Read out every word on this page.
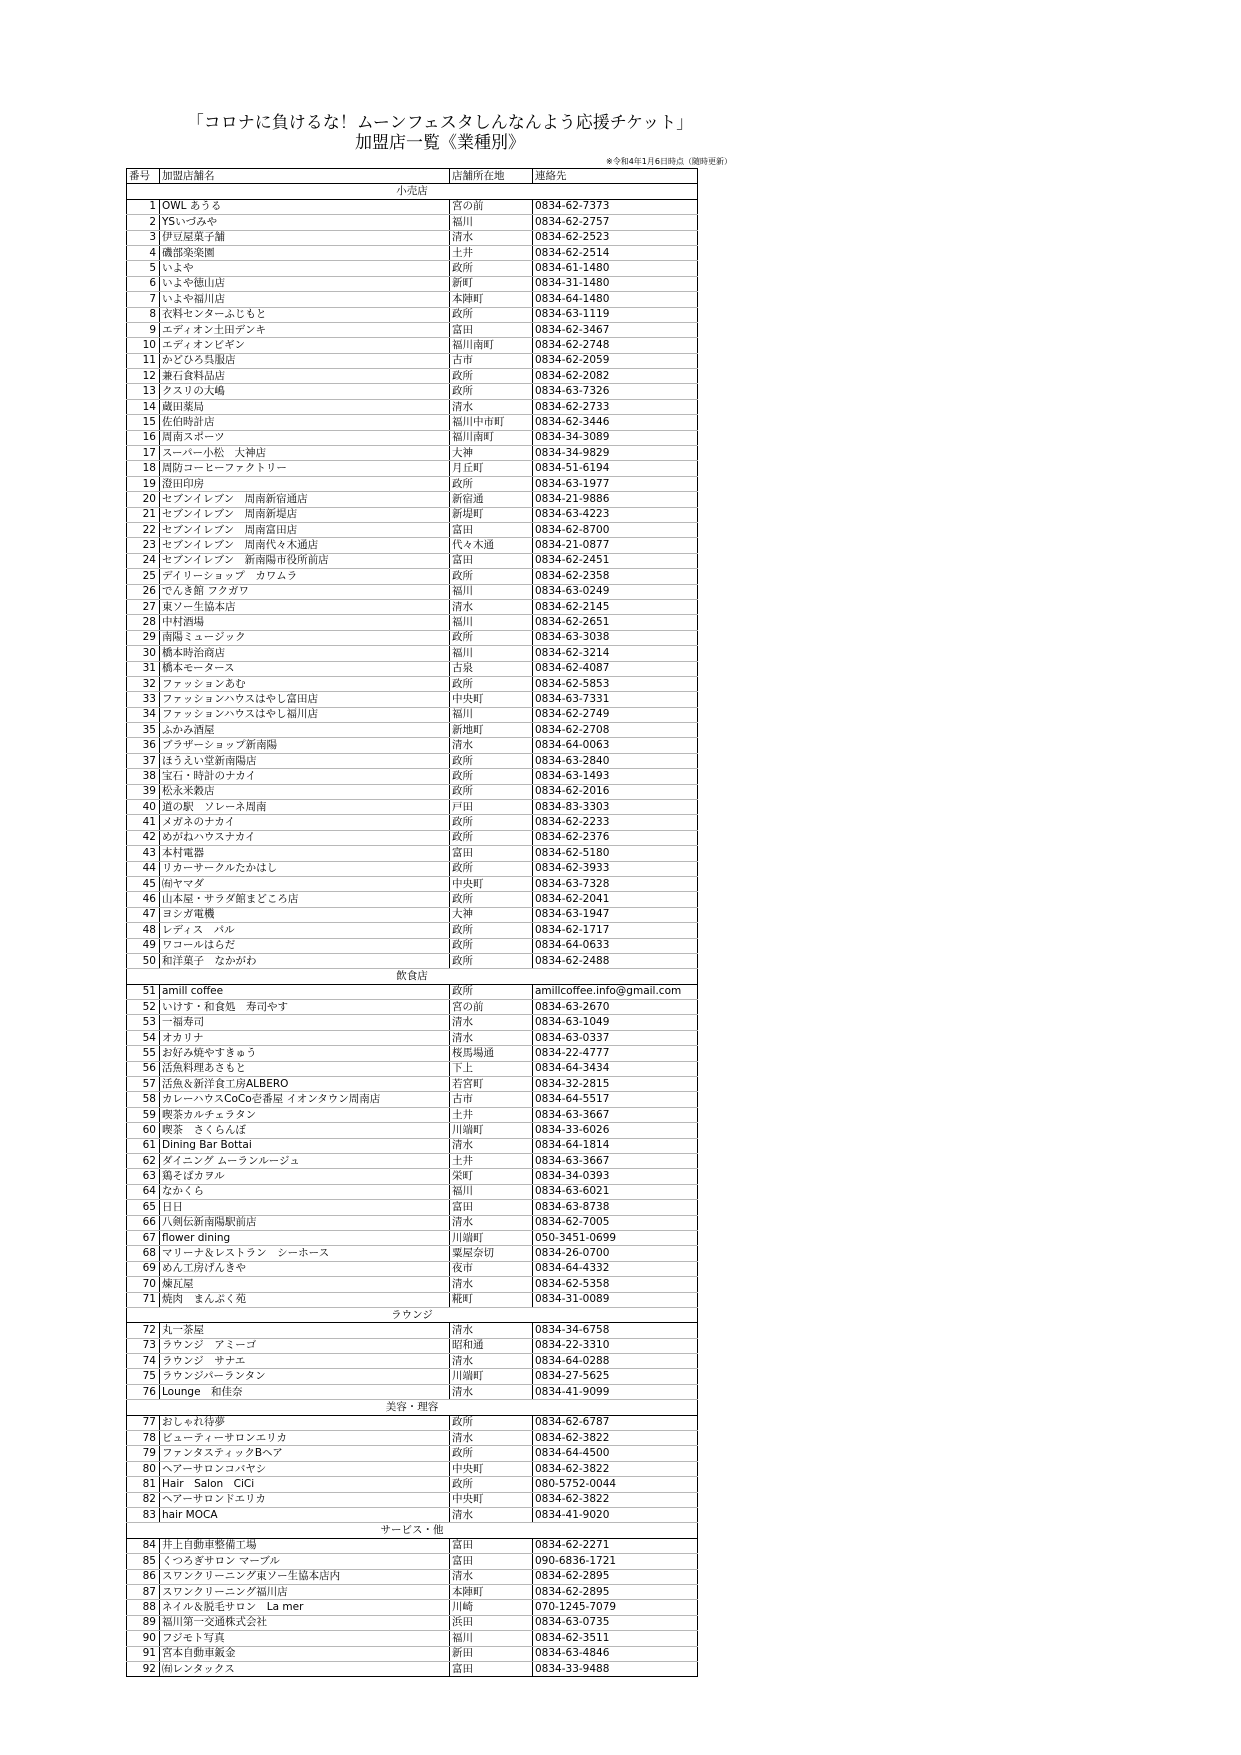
「コロナに負けるな！ムーンフェスタしんなんよう応援チケット」
加盟店一覧《業種別》
※令和4年1月6日時点（随時更新）
番号	加盟店舗名	店舗所在地	連絡先
小売店			
1	OWL あうる	宮の前	0834-62-7373
2	YSいづみや	福川	0834-62-2757
3	伊豆屋菓子舗	清水	0834-62-2523
4	磯部楽楽園	土井	0834-62-2514
5	いよや	政所	0834-61-1480
6	いよや徳山店	新町	0834-31-1480
7	いよや福川店	本陣町	0834-64-1480
8	衣料センターふじもと	政所	0834-63-1119
9	エディオン土田デンキ	富田	0834-62-3467
10	エディオンビギン	福川南町	0834-62-2748
11	かどひろ呉服店	古市	0834-62-2059
12	兼石食料品店	政所	0834-62-2082
13	クスリの大嶋	政所	0834-63-7326
14	蔵田薬局	清水	0834-62-2733
15	佐伯時計店	福川中市町	0834-62-3446
16	周南スポーツ	福川南町	0834-34-3089
17	スーパー小松　大神店	大神	0834-34-9829
18	周防コーヒーファクトリー	月丘町	0834-51-6194
19	澄田印房	政所	0834-63-1977
20	セブンイレブン　周南新宿通店	新宿通	0834-21-9886
21	セブンイレブン　周南新堤店	新堤町	0834-63-4223
22	セブンイレブン　周南富田店	富田	0834-62-8700
23	セブンイレブン　周南代々木通店	代々木通	0834-21-0877
24	セブンイレブン　新南陽市役所前店	富田	0834-62-2451
25	デイリーショップ　カワムラ	政所	0834-62-2358
26	でんき館 フクガワ	福川	0834-63-0249
27	東ソー生協本店	清水	0834-62-2145
28	中村酒場	福川	0834-62-2651
29	南陽ミュージック	政所	0834-63-3038
30	橋本時治商店	福川	0834-62-3214
31	橋本モータース	古泉	0834-62-4087
32	ファッションあむ	政所	0834-62-5853
33	ファッションハウスはやし富田店	中央町	0834-63-7331
34	ファッションハウスはやし福川店	福川	0834-62-2749
35	ふかみ酒屋	新地町	0834-62-2708
36	ブラザーショップ新南陽	清水	0834-64-0063
37	ほうえい堂新南陽店	政所	0834-63-2840
38	宝石・時計のナカイ	政所	0834-63-1493
39	松永米穀店	政所	0834-62-2016
40	道の駅　ソレーネ周南	戸田	0834-83-3303
41	メガネのナカイ	政所	0834-62-2233
42	めがねハウスナカイ	政所	0834-62-2376
43	本村電器	富田	0834-62-5180
44	リカーサークルたかはし	政所	0834-62-3933
45	㈲ヤマダ	中央町	0834-63-7328
46	山本屋・サラダ館まどころ店	政所	0834-62-2041
47	ヨシガ電機	大神	0834-63-1947
48	レディス　パル	政所	0834-62-1717
49	ワコールはらだ	政所	0834-64-0633
50	和洋菓子　なかがわ	政所	0834-62-2488
飲食店			
51	amill coffee	政所	amillcoffee.info@gmail.com
52	いけす・和食処　寿司やす	宮の前	0834-63-2670
53	一福寿司	清水	0834-63-1049
54	オカリナ	清水	0834-63-0337
55	お好み焼やすきゅう	桜馬場通	0834-22-4777
56	活魚料理あさもと	下上	0834-64-3434
57	活魚＆新洋食工房ALBERO	若宮町	0834-32-2815
58	カレーハウスCoCo壱番屋 イオンタウン周南店	古市	0834-64-5517
59	喫茶カルチェラタン	土井	0834-63-3667
60	喫茶　さくらんぼ	川端町	0834-33-6026
61	Dining Bar Bottai	清水	0834-64-1814
62	ダイニング ムーランルージュ	土井	0834-63-3667
63	鶏そばカヲル	栄町	0834-34-0393
64	なかくら	福川	0834-63-6021
65	日日	富田	0834-63-8738
66	八剣伝新南陽駅前店	清水	0834-62-7005
67	flower dining	川端町	050-3451-0699
68	マリーナ＆レストラン　シーホース	粟屋奈切	0834-26-0700
69	めん工房げんきや	夜市	0834-64-4332
70	煉瓦屋	清水	0834-62-5358
71	焼肉　まんぷく苑	糀町	0834-31-0089
ラウンジ			
72	丸一茶屋	清水	0834-34-6758
73	ラウンジ　アミーゴ	昭和通	0834-22-3310
74	ラウンジ　サナエ	清水	0834-64-0288
75	ラウンジパーランタン	川端町	0834-27-5625
76	Lounge　和佳奈	清水	0834-41-9099
美容・理容			
77	おしゃれ待夢	政所	0834-62-6787
78	ビューティーサロンエリカ	清水	0834-62-3822
79	ファンタスティックBヘア	政所	0834-64-4500
80	ヘアーサロンコバヤシ	中央町	0834-62-3822
81	Hair　Salon　CiCi	政所	080-5752-0044
82	ヘアーサロンドエリカ	中央町	0834-62-3822
83	hair MOCA	清水	0834-41-9020
サービス・他			
84	井上自動車整備工場	富田	0834-62-2271
85	くつろぎサロン マーブル	富田	090-6836-1721
86	スワンクリーニング東ソー生協本店内	清水	0834-62-2895
87	スワンクリーニング福川店	本陣町	0834-62-2895
88	ネイル＆脱毛サロン　La mer	川崎	070-1245-7079
89	福川第一交通株式会社	浜田	0834-63-0735
90	フジモト写真	福川	0834-62-3511
91	宮本自動車鈑金	新田	0834-63-4846
92	㈲レンタックス	富田	0834-33-9488
